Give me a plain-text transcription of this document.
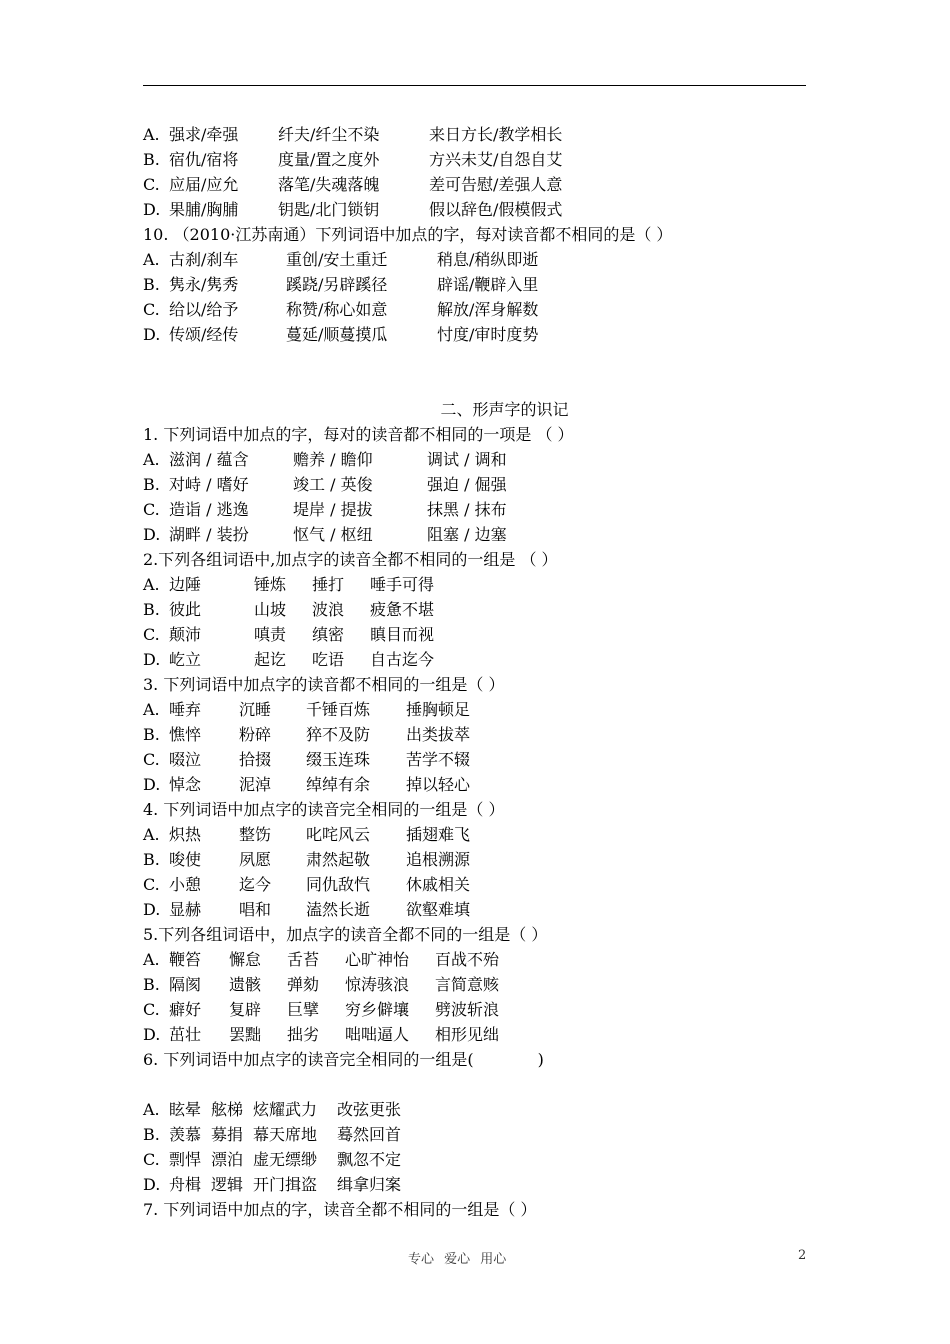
A. 强求/牵强	纤夫/纤尘不染	来日方长/教学相长
B. 宿仇/宿将	度量/置之度外	方兴未艾/自怨自艾
C. 应届/应允	落笔/失魂落魄	差可告慰/差强人意
D. 果脯/胸脯	钥匙/北门锁钥	假以辞色/假模假式
10. （2010·江苏南通）下列词语中加点的字，每对读音都不相同的是（ ）
A. 古刹/刹车	重创/安土重迁	稍息/稍纵即逝
B. 隽永/隽秀	蹊跷/另辟蹊径	辟谣/鞭辟入里
C. 给以/给予	称赞/称心如意	解放/浑身解数
D. 传颂/经传	蔓延/顺蔓摸瓜	忖度/审时度势
二、形声字的识记
1. 下列词语中加点的字，每对的读音都不相同的一项是 （ ）
A. 滋润 / 蕴含	赡养 / 瞻仰	调试 / 调和
B. 对峙 / 嗜好	竣工 / 英俊	强迫 / 倔强
C. 造诣 / 逃逸	堤岸 / 提拔	抹黑 / 抹布
D. 湖畔 / 装扮	怄气 / 枢纽	阻塞 / 边塞
2.下列各组词语中,加点字的读音全都不相同的一组是 （ ）
A. 边陲	锤炼	捶打	唾手可得
B. 彼此	山坡	波浪	疲惫不堪
C. 颠沛	嗔责	缜密	瞋目而视
D. 屹立	起讫	吃语	自古迄今
3. 下列词语中加点字的读音都不相同的一组是（ ）
A. 唾弃	沉睡	千锤百炼	捶胸顿足
B. 憔悴	粉碎	猝不及防	出类拔萃
C. 啜泣	拾掇	缀玉连珠	苦学不辍
D. 悼念	泥淖	绰绰有余	掉以轻心
4. 下列词语中加点字的读音完全相同的一组是（ ）
A. 炽热	整饬	叱咤风云	插翅难飞
B. 唆使	夙愿	肃然起敬	追根溯源
C. 小憩	迄今	同仇敌忾	休戚相关
D. 显赫	唱和	溘然长逝	欲壑难填
5.下列各组词语中，加点字的读音全都不同的一组是（ ）
A. 鞭笞	懈怠	舌苔	心旷神怡	百战不殆
B. 隔阂	遗骸	弹劾	惊涛骇浪	言简意赅
C. 癖好	复辟	巨擘	穷乡僻壤	劈波斩浪
D. 茁壮	罢黜	拙劣	咄咄逼人	相形见绌
6. 下列词语中加点字的读音完全相同的一组是(　　　　)
A. 眩晕 舷梯 炫耀武力	改弦更张
B. 羡慕 募捐 幕天席地	蓦然回首
C. 剽悍 漂泊 虚无缥缈	飘忽不定
D. 舟楫 逻辑 开门揖盗	缉拿归案
7. 下列词语中加点的字，读音全都不相同的一组是（ ）
专心 爱心 用心	2
